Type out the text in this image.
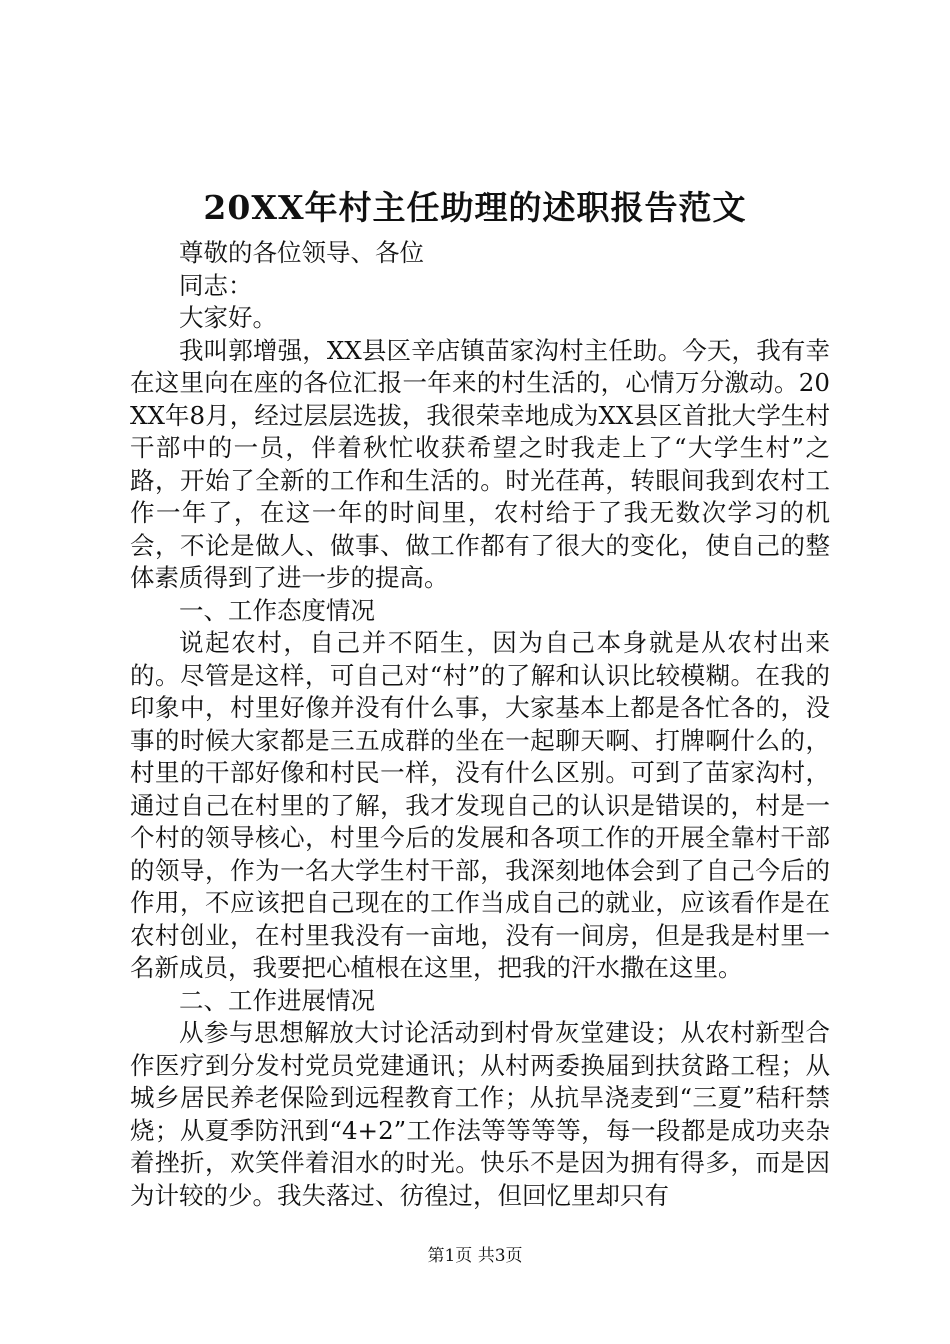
20XX年村主任助理的述职报告范文

尊敬的各位领导、各位

同志：

大家好。

我叫郭增强，XX县区辛店镇苗家沟村主任助。今天，我有幸在这里向在座的各位汇报一年来的村生活的，心情万分激动。20XX年8月，经过层层选拔，我很荣幸地成为XX县区首批大学生村干部中的一员，伴着秋忙收获希望之时我走上了“大学生村”之路，开始了全新的工作和生活的。时光荏苒，转眼间我到农村工作一年了，在这一年的时间里，农村给于了我无数次学习的机会，不论是做人、做事、做工作都有了很大的变化，使自己的整体素质得到了进一步的提高。

一、工作态度情况

说起农村，自己并不陌生，因为自己本身就是从农村出来的。尽管是这样，可自己对“村”的了解和认识比较模糊。在我的印象中，村里好像并没有什么事，大家基本上都是各忙各的，没事的时候大家都是三五成群的坐在一起聊天啊、打牌啊什么的，村里的干部好像和村民一样，没有什么区别。可到了苗家沟村，通过自己在村里的了解，我才发现自己的认识是错误的，村是一个村的领导核心，村里今后的发展和各项工作的开展全靠村干部的领导，作为一名大学生村干部，我深刻地体会到了自己今后的作用，不应该把自己现在的工作当成自己的就业，应该看作是在农村创业，在村里我没有一亩地，没有一间房，但是我是村里一名新成员，我要把心植根在这里，把我的汗水撒在这里。

二、工作进展情况

从参与思想解放大讨论活动到村骨灰堂建设；从农村新型合作医疗到分发村党员党建通讯；从村两委换届到扶贫路工程；从城乡居民养老保险到远程教育工作；从抗旱浇麦到“三夏”秸秆禁烧；从夏季防汛到“4+2”工作法等等等等，每一段都是成功夹杂着挫折，欢笑伴着泪水的时光。快乐不是因为拥有得多，而是因为计较的少。我失落过、彷徨过，但回忆里却只有

第1页 共3页
